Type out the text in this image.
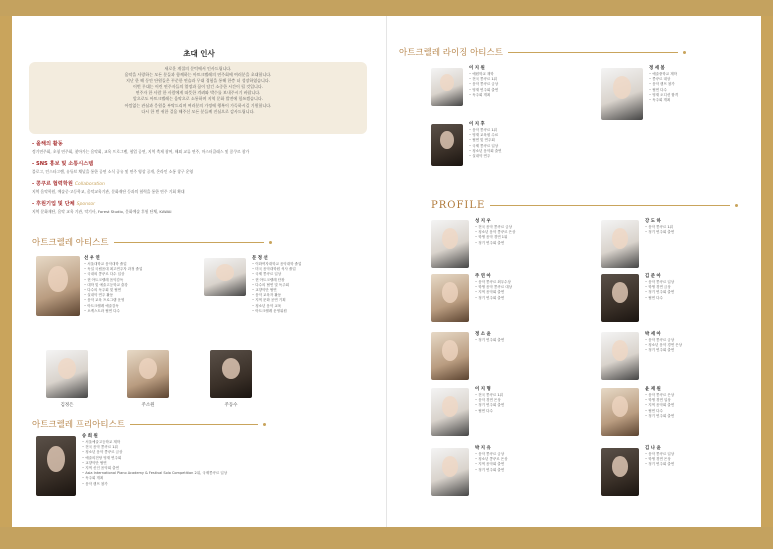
초대 인사

새로운 계절의 문턱에서 인사드립니다.

음악을 사랑하는 모든 분들과 함께하는 아트크렐레의 연주회에 여러분을 초대합니다.

지난 한 해 동안 단원들은 꾸준한 연습과 무대 경험을 통해 한층 더 성장하였습니다.

이번 무대는 어린 연주자들의 열정과 꿈이 담긴 소중한 시간이 될 것입니다.

연주자 한 사람 한 사람에게 따뜻한 격려와 박수를 보내주시기 바랍니다.

앞으로도 아트크렐레는 음악으로 소통하며 지역 문화 발전에 힘쓰겠습니다.

아낌없는 관심과 응원을 부탁드리며 여러분의 가정에 행복이 가득하시길 기원합니다.

다시 한 번 귀한 걸음 해주신 모든 분들께 진심으로 감사드립니다.

- 올해의 활동

정기연주회, 초청 연주회, 찾아가는 음악회, 교육 프로그램, 협업 공연, 지역 축제 참여, 해외 교류 연주, 마스터클래스 및 콩쿠르 참가

- SNS 홍보 및 소통시스템

블로그, 인스타그램, 유튜브 채널을 통한 공연 소식 공유 및 연주 영상 공개, 온라인 소통 창구 운영

- 콩쿠르 협력학원 Collaboration

지역 음악학원, 예술중·고등학교, 음악교육기관, 문화재단 등과의 협력을 통한 연주 기회 확대

- 후원기업 및 단체 Sponsor

지역 문화재단, 음악 교육 기관, 악기사, Forest Studio, 문화예술 후원 단체, KAWAI

아트크렐레 아티스트
선 우 연
• 서울대학교 음악대학 졸업
• 독일 국립음대 최고연주자 과정 졸업
• 국내외 콩쿠르 다수 입상
• 현 아트크렐레 음악감독
• 대학 및 예술고등학교 출강
• 다수의 독주회 및 협연
• 실내악 연주 활동
• 음악 교육 프로그램 운영
• 아트크렐레 예술감독
• 오케스트라 협연 다수
문 정 선
• 이화여자대학교 음악대학 졸업
• 미국 음악대학원 석사 졸업
• 국제 콩쿠르 입상
• 현 아트크렐레 단장
• 다수의 협연 및 독주회
• 교향악단 협연
• 음악 교육자 활동
• 지역 문화 공연 기획
• 청소년 음악 교육
• 아트크렐레 운영위원
김정은	주소원	주동수
아트크렐레 프리아티스트
송 희 원
• 서울예술고등학교 재학
• 전국 음악 콩쿠르 1위
• 청소년 음악 콩쿠르 금상
• 예술의전당 영재 연주회
• 교향악단 협연
• 지역 신인 음악회 출연
• Asia International Piano Academy & Festival Solo Competition 2위, 국제콩쿠르 입상
• 독주회 개최
• 음악 캠프 참가
아트크렐레 라이징 아티스트
이 지 원
• 예원학교 재학
• 전국 콩쿠르 1위
• 음악 콩쿠르 금상
• 영재 연주회 출연
• 독주회 개최
정 세 봄
• 예술중학교 재학
• 콩쿠르 대상
• 음악 캠프 참가
• 협연 다수
• 영재 오디션 합격
• 독주회 개최
이 지 후
• 음악 콩쿠르 1위
• 영재 교육원 수료
• 협연 및 연주회
• 국제 콩쿠르 입상
• 청소년 음악회 출연
• 실내악 연주
PROFILE
성 지 우
• 전국 음악 콩쿠르 금상
• 청소년 음악 콩쿠르 은상
• 학생 음악 경연 1위
• 정기 연주회 출연
주 연 아
• 음악 콩쿠르 최우수상
• 학생 음악 콩쿠르 대상
• 지역 음악회 출연
• 정기 연주회 출연
정 소 윤
• 정기 연주회 출연
이 지 형
• 전국 콩쿠르 1위
• 음악 경연 은상
• 정기 연주회 출연
• 협연 다수
박 지 유
• 음악 콩쿠르 금상
• 청소년 콩쿠르 은상
• 지역 음악회 출연
• 정기 연주회 출연
강 도 하
• 음악 콩쿠르 1위
• 정기 연주회 출연
김 준 아
• 음악 콩쿠르 입상
• 학생 경연 금상
• 정기 연주회 출연
• 협연 다수
박 세 아
• 음악 콩쿠르 금상
• 청소년 음악 경연 은상
• 정기 연주회 출연
윤 재 원
• 음악 콩쿠르 은상
• 학생 경연 입상
• 지역 음악회 출연
• 협연 다수
• 정기 연주회 출연
김 나 윤
• 음악 콩쿠르 입상
• 학생 경연 은상
• 정기 연주회 출연
